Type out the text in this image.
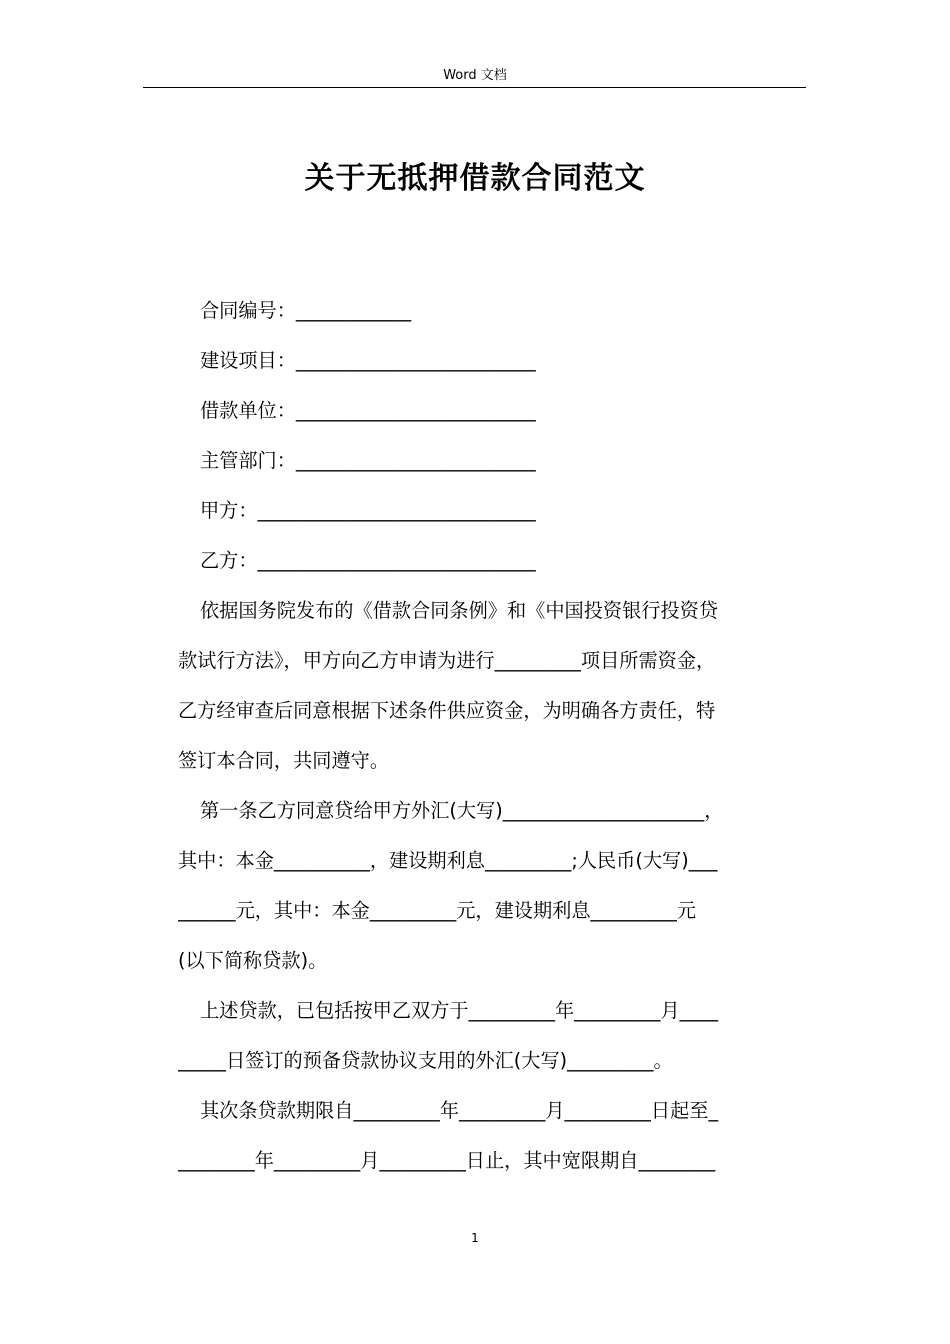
Word 文档
关于无抵押借款合同范文
合同编号：____________
建设项目：_________________________
借款单位：_________________________
主管部门：_________________________
甲方：_____________________________
乙方：_____________________________
依据国务院发布的《借款合同条例》和《中国投资银行投资贷
款试行方法》，甲方向乙方申请为进行_________项目所需资金，
乙方经审查后同意根据下述条件供应资金，为明确各方责任，特
签订本合同，共同遵守。
第一条乙方同意贷给甲方外汇(大写)_____________________，
其中：本金__________，建设期利息_________;人民币(大写)___
______元，其中：本金_________元，建设期利息_________元
(以下简称贷款)。
上述贷款，已包括按甲乙双方于_________年_________月____
_____日签订的预备贷款协议支用的外汇(大写)_________。
其次条贷款期限自_________年_________月_________日起至_
________年_________月_________日止，其中宽限期自________
1
